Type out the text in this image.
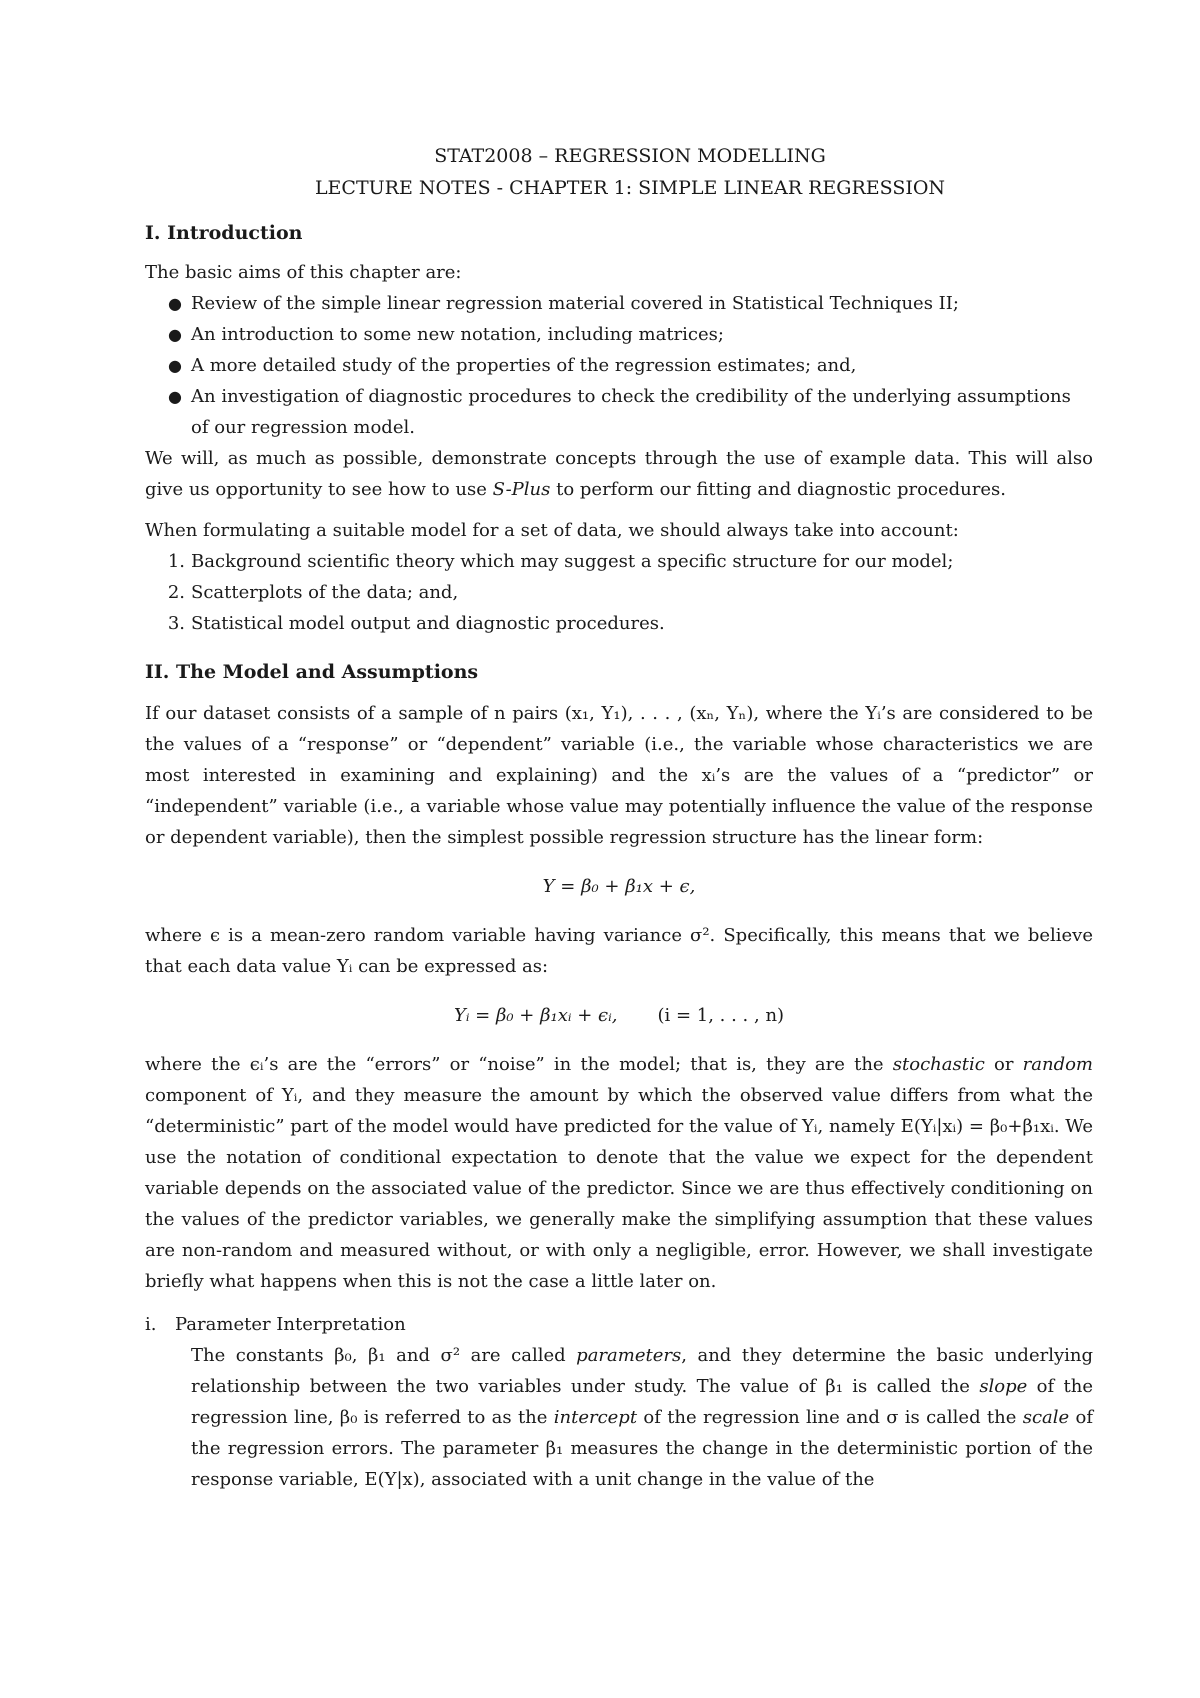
STAT2008 – REGRESSION MODELLING
LECTURE NOTES - CHAPTER 1: SIMPLE LINEAR REGRESSION
I. Introduction

The basic aims of this chapter are:

● Review of the simple linear regression material covered in Statistical Techniques II;
● An introduction to some new notation, including matrices;
● A more detailed study of the properties of the regression estimates; and,
● An investigation of diagnostic procedures to check the credibility of the underlying assumptions of our regression model.

We will, as much as possible, demonstrate concepts through the use of example data. This will also give us opportunity to see how to use S-Plus to perform our fitting and diagnostic procedures.

When formulating a suitable model for a set of data, we should always take into account:

1. Background scientific theory which may suggest a specific structure for our model;
2. Scatterplots of the data; and,
3. Statistical model output and diagnostic procedures.
II. The Model and Assumptions

If our dataset consists of a sample of n pairs (x₁, Y₁), . . . , (xₙ, Yₙ), where the Yᵢ’s are considered to be the values of a “response” or “dependent” variable (i.e., the variable whose characteristics we are most interested in examining and explaining) and the xᵢ’s are the values of a “predictor” or “independent” variable (i.e., a variable whose value may potentially influence the value of the response or dependent variable), then the simplest possible regression structure has the linear form:

Y = β₀ + β₁x + ϵ,

where ϵ is a mean-zero random variable having variance σ². Specifically, this means that we believe that each data value Yᵢ can be expressed as:

Yᵢ = β₀ + β₁xᵢ + ϵᵢ, (i = 1, . . . , n)

where the ϵᵢ’s are the “errors” or “noise” in the model; that is, they are the stochastic or random component of Yᵢ, and they measure the amount by which the observed value differs from what the “deterministic” part of the model would have predicted for the value of Yᵢ, namely E(Yᵢ|xᵢ) = β₀+β₁xᵢ. We use the notation of conditional expectation to denote that the value we expect for the dependent variable depends on the associated value of the predictor. Since we are thus effectively conditioning on the values of the predictor variables, we generally make the simplifying assumption that these values are non-random and measured without, or with only a negligible, error. However, we shall investigate briefly what happens when this is not the case a little later on.

i. Parameter Interpretation

The constants β₀, β₁ and σ² are called parameters, and they determine the basic underlying relationship between the two variables under study. The value of β₁ is called the slope of the regression line, β₀ is referred to as the intercept of the regression line and σ is called the scale of the regression errors. The parameter β₁ measures the change in the deterministic portion of the response variable, E(Y|x), associated with a unit change in the value of the
